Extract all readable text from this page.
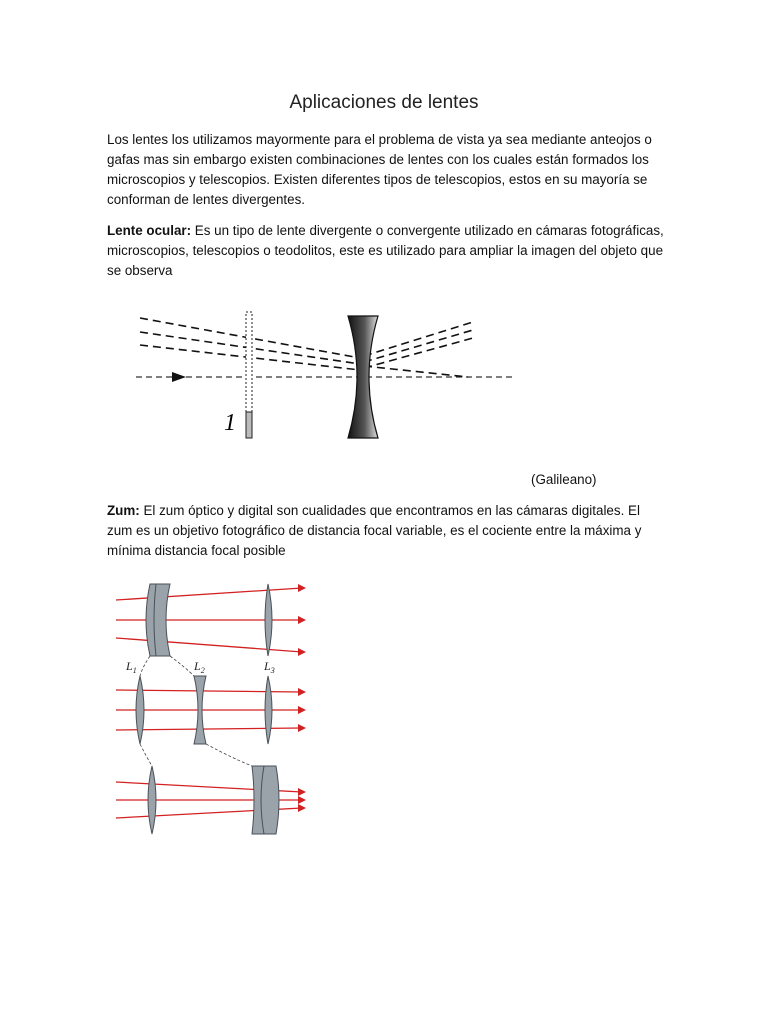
Aplicaciones de lentes
Los lentes los utilizamos mayormente para el problema de vista ya sea mediante anteojos o gafas mas sin embargo existen combinaciones de lentes con los cuales están formados los microscopios y telescopios. Existen diferentes tipos de telescopios, estos en su mayoría se conforman de lentes divergentes.
Lente ocular: Es un tipo de lente divergente o convergente utilizado en cámaras fotográficas, microscopios, telescopios o teodolitos, este es utilizado para ampliar la imagen del objeto que se observa
1
(Galileano)
Zum: El zum óptico y digital son cualidades que encontramos en las cámaras digitales. El zum es un objetivo fotográfico de distancia focal variable, es el cociente entre la máxima y mínima distancia focal posible
$L_1$	$L_2$	$L_3$
